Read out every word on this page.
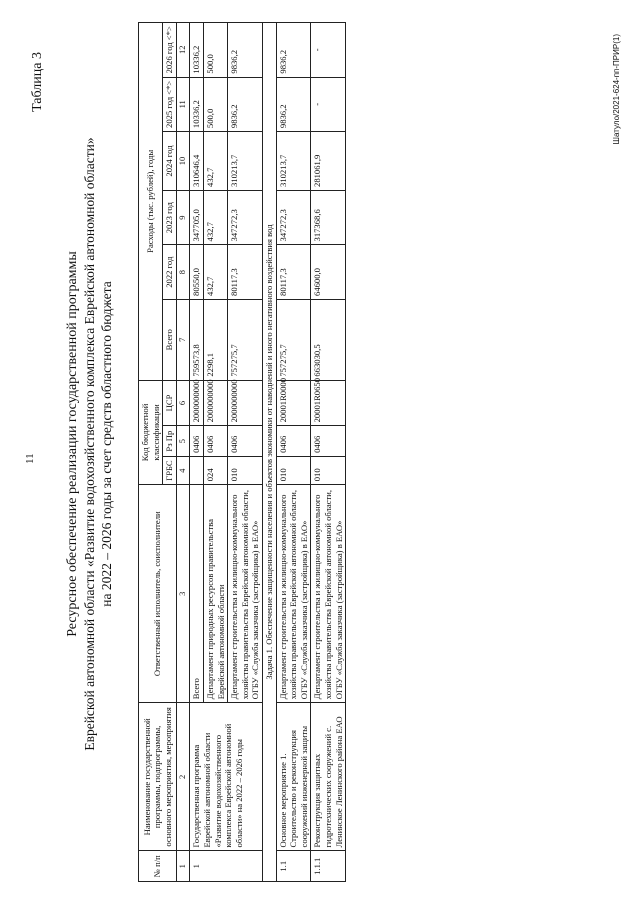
11
Таблица 3
Ресурсное обеспечение реализации государственной программы Еврейской автономной области «Развитие водохозяйственного комплекса Еврейской автономной области» на 2022 – 2026 годы за счет средств областного бюджета
№ п/п	Наименование государственной программы, подпрограммы, основного мероприятия, мероприятия	Ответственный исполнитель, соисполнители	Код бюджетной классификации			Расходы (тыс. рублей), годы					
			ГРБС	Рз Пр	ЦСР	Всего	2022 год	2023 год	2024 год	2025 год <*>	2026 год <*>
1	2	3	4	5	6	7	8	9	10	11	12
1	Государственная программа Еврейской автономной области «Развитие водохозяйственного комплекса Еврейской автономной области» на 2022 – 2026 годы	Всего		0406	2000000000	759573,8	80550,0	347705,0	310646,4	10336,2	10336,2
		Департамент природных ресурсов правительства Еврейской автономной области	024	0406	2000000000	2298,1	432,7	432,7	432,7	500,0	500,0
		Департамент строительства и жилищно-коммунального хозяйства правительства Еврейской автономной области, ОГБУ «Служба заказчика (застройщика) в ЕАО»	010	0406	2000000000	757275,7	80117,3	347272,3	310213,7	9836,2	9836,2
Задача 1. Обеспечение защищенности населения и объектов экономики от наводнений и иного негативного воздействия вод											
1.1	Основное мероприятие 1. Строительство и реконструкция сооружений инженерной защиты	Департамент строительства и жилищно-коммунального хозяйства правительства Еврейской автономной области, ОГБУ «Служба заказчика (застройщика) в ЕАО»	010	0406	20001R0000	757275,7	80117,3	347272,3	310213,7	9836,2	9836,2
1.1.1	Реконструкция защитных гидротехнических сооружений с. Ленинское Ленинского района ЕАО	Департамент строительства и жилищно-коммунального хозяйства правительства Еврейской автономной области, ОГБУ «Служба заказчика (застройщика) в ЕАО»	010	0406	20001R0650	663030,5	64600,0	317368,6	281061,9	-	-	Шатуло/2021-624-пп-ПРИР(1)
